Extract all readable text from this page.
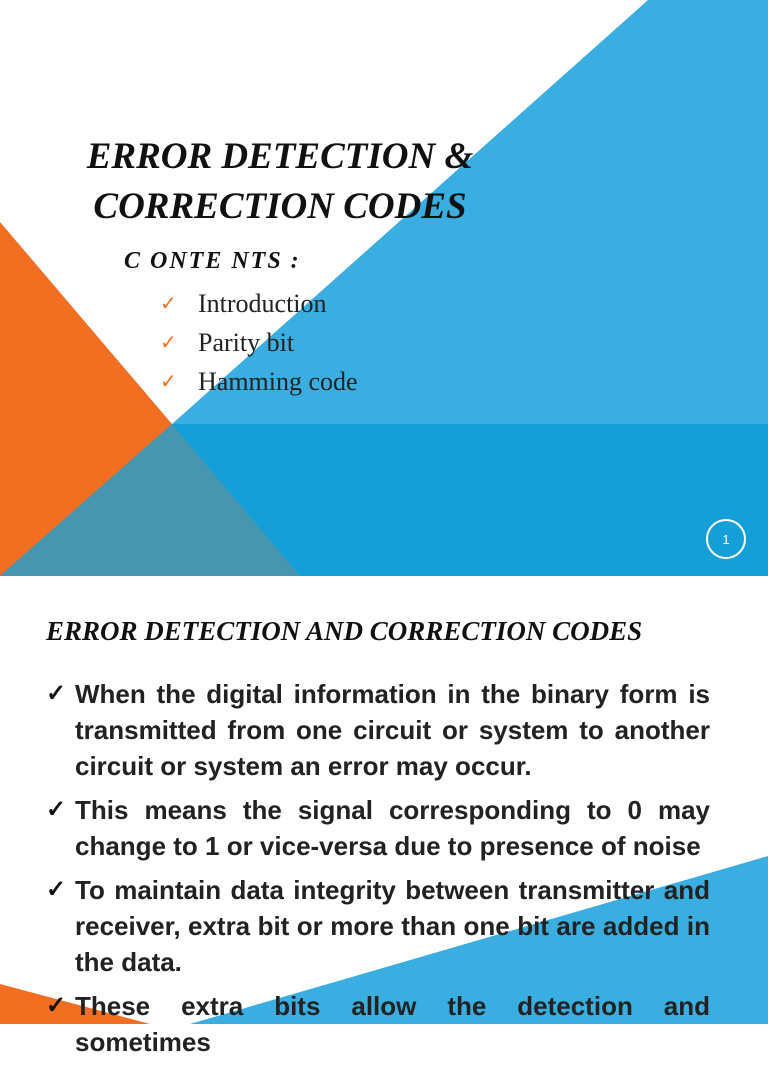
ERROR DETECTION &
CORRECTION CODES

C ONTE NTS :

✓ Introduction
✓ Parity bit
✓ Hamming code
1
ERROR DETECTION AND CORRECTION CODES
✓ When the digital information in the binary form is transmitted from one circuit or system to another circuit or system an error may occur.
✓ This means the signal corresponding to 0 may change to 1 or vice-versa due to presence of noise
✓ To maintain data integrity between transmitter and receiver, extra bit or more than one bit are added in the data.
✓ These extra bits allow the detection and sometimes
